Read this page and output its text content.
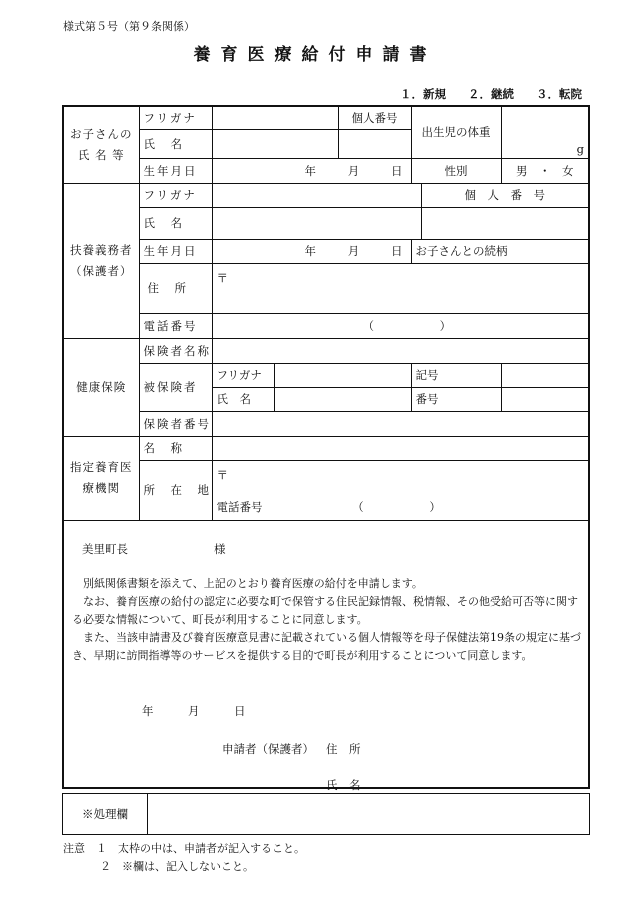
様式第５号（第９条関係）
養育医療給付申請書
１．新規 ２．継続 ３．転院
お子さんの氏 名 等	フリガナ			個人番号	出生児の体重		g	
	氏　名							
	生年月日	年 月 日			性別		男　・　女	
扶養義務者（保護者）	フリガナ					個　人　番　号		
	氏　名							
	生年月日	年 月 日			お子さんとの続柄			

	住　所	〒						
	電話番号	（ ）						
健康保険	保険者名称							
	被保険者	フリガナ			記号			
		氏　名			番号			
	保険者番号							
指定養育医療機関	名　称							
	所　在　地	〒
電話番号 （ ）						
美里町長	様
別紙関係書類を添えて、上記のとおり養育医療の給付を申請します。
なお、養育医療の給付の認定に必要な町で保管する住民記録情報、税情報、その他受給可否等に関する必要な情報について、町長が利用することに同意します。
また、当該申請書及び養育医療意見書に記載されている個人情報等を母子保健法第19条の規定に基づき、早期に訪問指導等のサービスを提供する目的で町長が利用することについて同意します。
年	月	日
申請者（保護者） 住　所
氏　名
※処理欄
注意　１　 太枠の中は、申請者が記入すること。
２　 ※欄は、記入しないこと。
